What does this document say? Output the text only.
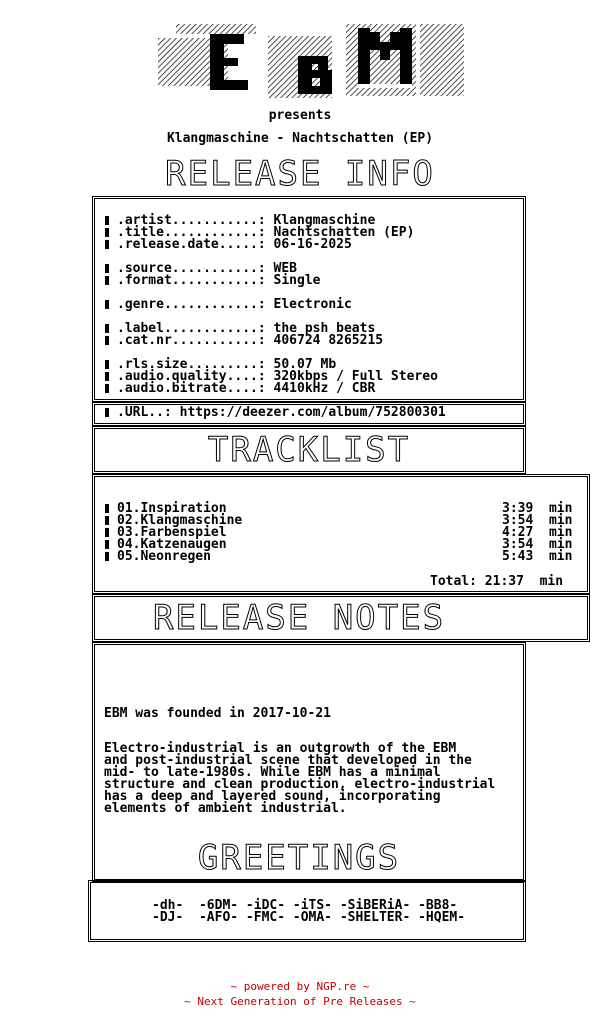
presents
Klangmaschine - Nachtschatten (EP)
RELEASE INFO
.artist...........: Klangmaschine
.title............: Nachtschatten (EP)
.release.date.....: 06-16-2025
.source...........: WEB
.format...........: Single
.genre............: Electronic
.label............: the psh beats
.cat.nr...........: 406724 8265215
.rls.size.........: 50.07 Mb
.audio.quality....: 320kbps / Full Stereo
.audio.bitrate....: 4410kHz / CBR
.URL..: https://deezer.com/album/752800301
TRACKLIST
01.Inspiration	3:39  min
02.Klangmaschine	3:54  min
03.Farbenspiel	4:27  min
04.Katzenaugen	3:54  min
05.Neonregen	5:43  min
Total: 21:37  min
RELEASE NOTES
EBM was founded in 2017-10-21
Electro-industrial is an outgrowth of the EBM
and post-industrial scene that developed in the
mid- to late-1980s. While EBM has a minimal
structure and clean production, electro-industrial
has a deep and layered sound, incorporating
elements of ambient industrial.
GREETINGS
-dh-  -6DM- -iDC- -iTS- -SiBERiA- -BB8-
-DJ-  -AFO- -FMC- -OMA- -SHELTER- -HQEM-
~ powered by NGP.re ~
~ Next Generation of Pre Releases ~
